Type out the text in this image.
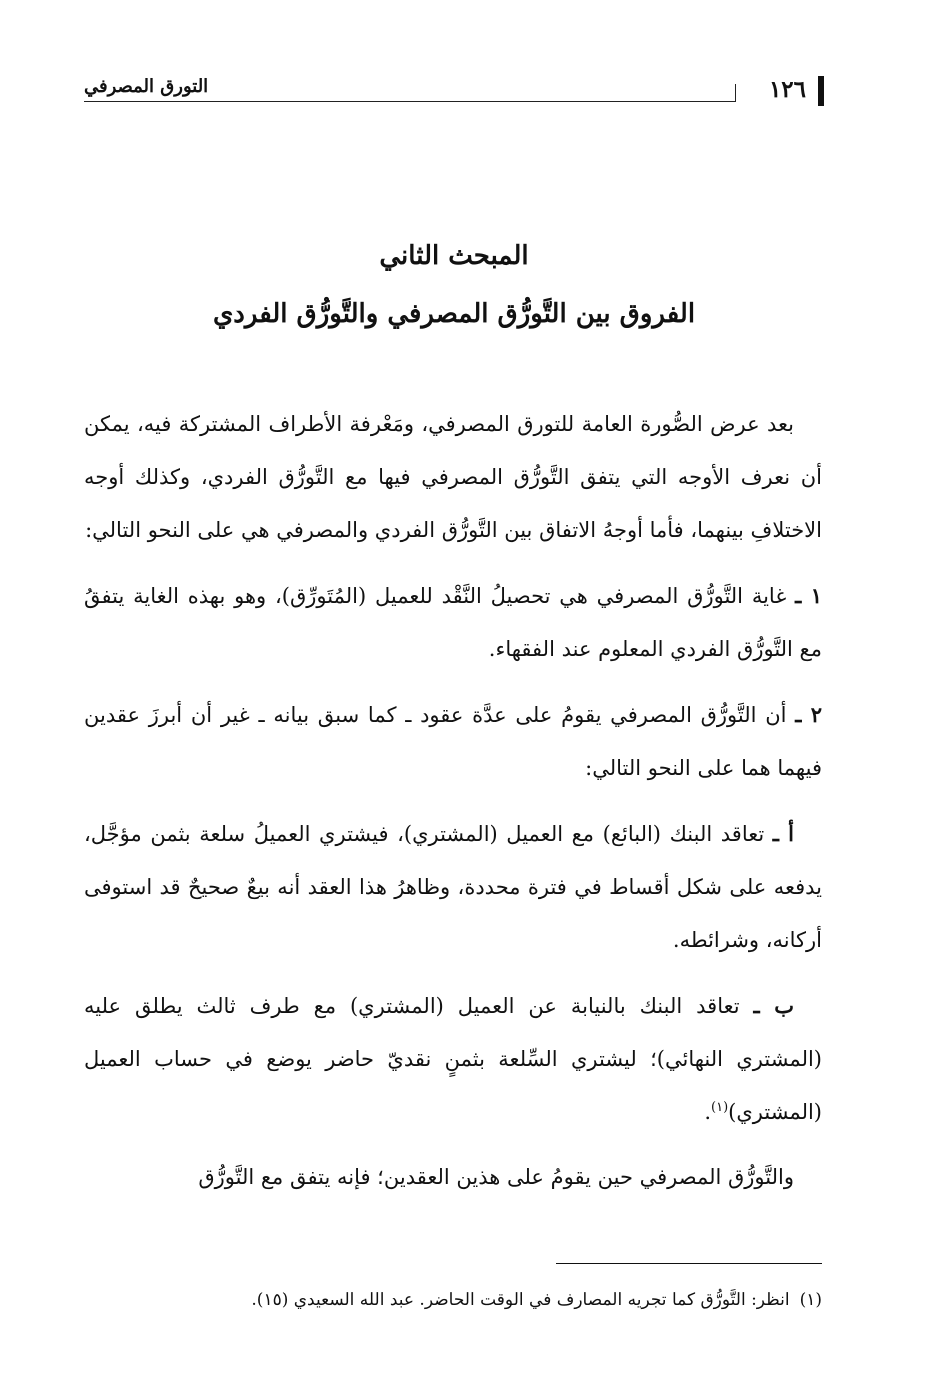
١٢٦
التورق المصرفي
المبحث الثاني
الفروق بين التَّورُّق المصرفي والتَّورُّق الفردي

بعد عرض الصُّورة العامة للتورق المصرفي، ومَعْرفة الأطراف المشتركة فيه، يمكن أن نعرف الأوجه التي يتفق التَّورُّق المصرفي فيها مع التَّورُّق الفردي، وكذلك أوجه الاختلافِ بينهما، فأما أوجهُ الاتفاق بين التَّورُّق الفردي والمصرفي هي على النحو التالي:

١ ـ غاية التَّورُّق المصرفي هي تحصيلُ النَّقْد للعميل (المُتَورِّق)، وهو بهذه الغاية يتفقُ مع التَّورُّق الفردي المعلوم عند الفقهاء.

٢ ـ أن التَّورُّق المصرفي يقومُ على عدَّة عقود ـ كما سبق بيانه ـ غير أن أبرزَ عقدين فيهما هما على النحو التالي:

أ ـ تعاقد البنك (البائع) مع العميل (المشتري)، فيشتري العميلُ سلعة بثمن مؤجَّل، يدفعه على شكل أقساط في فترة محددة، وظاهرُ هذا العقد أنه بيعٌ صحيحٌ قد استوفى أركانه، وشرائطه.

ب ـ تعاقد البنك بالنيابة عن العميل (المشتري) مع طرف ثالث يطلق عليه (المشتري النهائي)؛ ليشتري السِّلعة بثمنٍ نقديّ حاضر يوضع في حساب العميل (المشتري)$^{(١)}$.

والتَّورُّق المصرفي حين يقومُ على هذين العقدين؛ فإنه يتفق مع التَّورُّق

(١)انظر: التَّورُّق كما تجريه المصارف في الوقت الحاضر. عبد الله السعيدي (١٥).
